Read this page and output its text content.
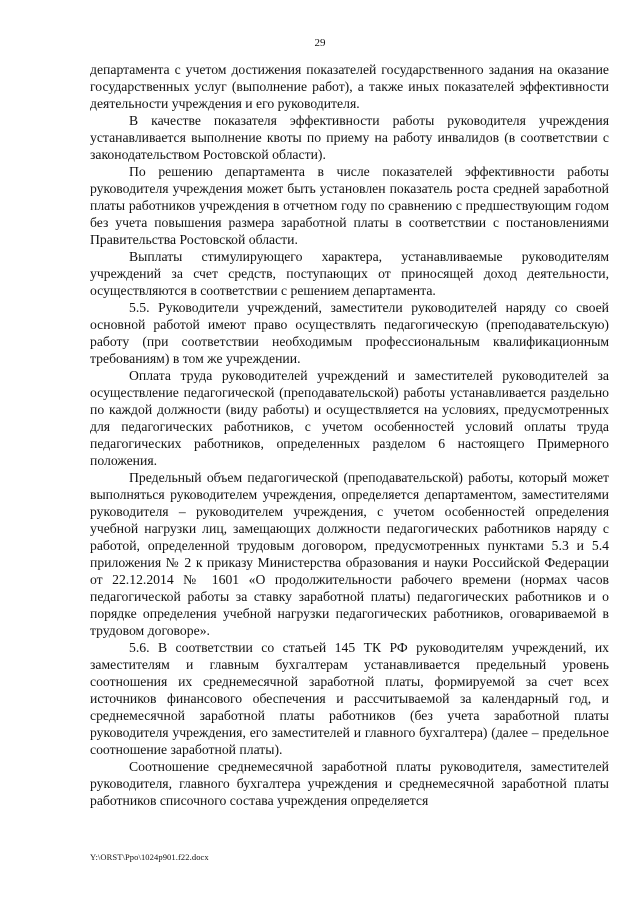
29

департамента с учетом достижения показателей государственного задания на оказание государственных услуг (выполнение работ), а также иных показателей эффективности деятельности учреждения и его руководителя.

В качестве показателя эффективности работы руководителя учреждения устанавливается выполнение квоты по приему на работу инвалидов (в соответствии с законодательством Ростовской области).

По решению департамента в числе показателей эффективности работы руководителя учреждения может быть установлен показатель роста средней заработной платы работников учреждения в отчетном году по сравнению с предшествующим годом без учета повышения размера заработной платы в соответствии с постановлениями Правительства Ростовской области.

Выплаты стимулирующего характера, устанавливаемые руководителям учреждений за счет средств, поступающих от приносящей доход деятельности, осуществляются в соответствии с решением департамента.

5.5. Руководители учреждений, заместители руководителей наряду со своей основной работой имеют право осуществлять педагогическую (преподавательскую) работу (при соответствии необходимым профессиональным квалификационным требованиям) в том же учреждении.

Оплата труда руководителей учреждений и заместителей руководителей за осуществление педагогической (преподавательской) работы устанавливается раздельно по каждой должности (виду работы) и осуществляется на условиях, предусмотренных для педагогических работников, с учетом особенностей условий оплаты труда педагогических работников, определенных разделом 6 настоящего Примерного положения.

Предельный объем педагогической (преподавательской) работы, который может выполняться руководителем учреждения, определяется департаментом, заместителями руководителя – руководителем учреждения, с учетом особенностей определения учебной нагрузки лиц, замещающих должности педагогических работников наряду с работой, определенной трудовым договором, предусмотренных пунктами 5.3 и 5.4 приложения № 2 к приказу Министерства образования и науки Российской Федерации от 22.12.2014 № 1601 «О продолжительности рабочего времени (нормах часов педагогической работы за ставку заработной платы) педагогических работников и о порядке определения учебной нагрузки педагогических работников, оговариваемой в трудовом договоре».

5.6. В соответствии со статьей 145 ТК РФ руководителям учреждений, их заместителям и главным бухгалтерам устанавливается предельный уровень соотношения их среднемесячной заработной платы, формируемой за счет всех источников финансового обеспечения и рассчитываемой за календарный год, и среднемесячной заработной платы работников (без учета заработной платы руководителя учреждения, его заместителей и главного бухгалтера) (далее – предельное соотношение заработной платы).

Соотношение среднемесячной заработной платы руководителя, заместителей руководителя, главного бухгалтера учреждения и среднемесячной заработной платы работников списочного состава учреждения определяется

Y:\ORST\Ppo\1024p901.f22.docx
